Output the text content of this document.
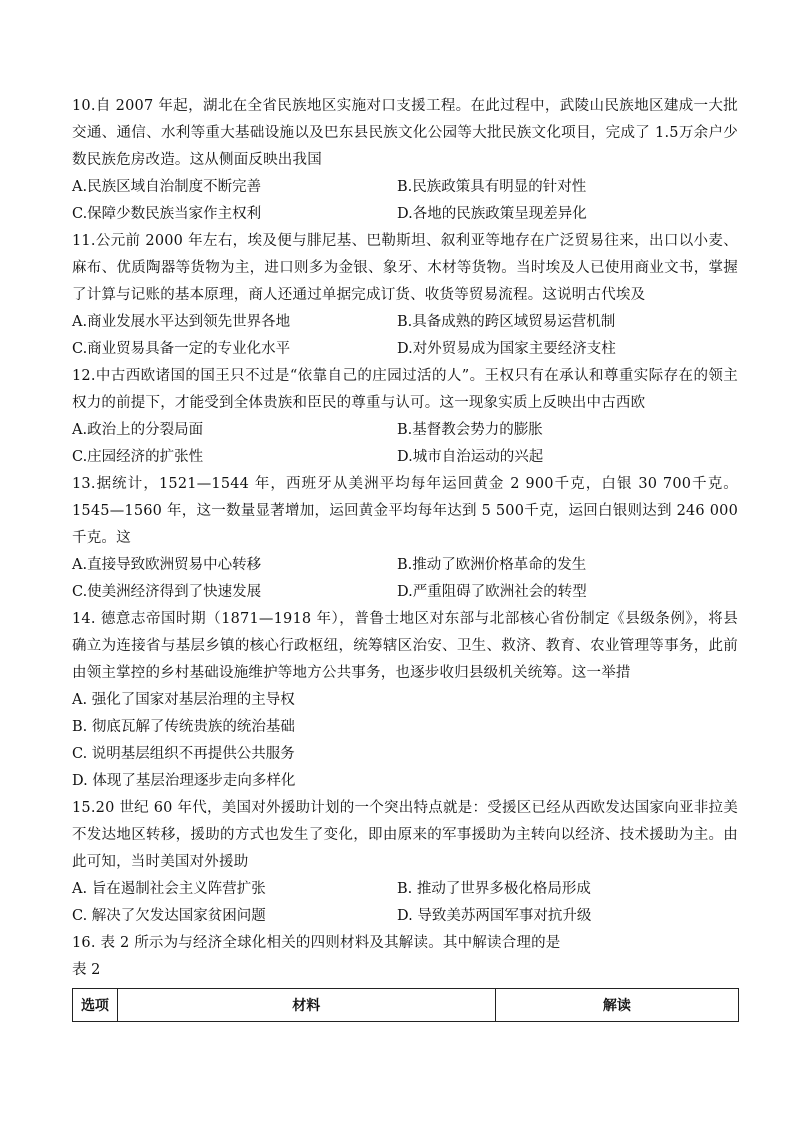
10.自 2007 年起，湖北在全省民族地区实施对口支援工程。在此过程中，武陵山民族地区建成一大批交通、通信、水利等重大基础设施以及巴东县民族文化公园等大批民族文化项目，完成了 1.5万余户少数民族危房改造。这从侧面反映出我国

A.民族区域自治制度不断完善	B.民族政策具有明显的针对性
C.保障少数民族当家作主权利	D.各地的民族政策呈现差异化

11.公元前 2000 年左右，埃及便与腓尼基、巴勒斯坦、叙利亚等地存在广泛贸易往来，出口以小麦、麻布、优质陶器等货物为主，进口则多为金银、象牙、木材等货物。当时埃及人已使用商业文书，掌握了计算与记账的基本原理，商人还通过单据完成订货、收货等贸易流程。这说明古代埃及

A.商业发展水平达到领先世界各地	B.具备成熟的跨区域贸易运营机制
C.商业贸易具备一定的专业化水平	D.对外贸易成为国家主要经济支柱

12.中古西欧诸国的国王只不过是“依靠自己的庄园过活的人”。王权只有在承认和尊重实际存在的领主权力的前提下，才能受到全体贵族和臣民的尊重与认可。这一现象实质上反映出中古西欧

A.政治上的分裂局面	B.基督教会势力的膨胀
C.庄园经济的扩张性	D.城市自治运动的兴起

13.据统计，1521—1544 年，西班牙从美洲平均每年运回黄金 2 900千克，白银 30 700千克。1545—1560 年，这一数量显著增加，运回黄金平均每年达到 5 500千克，运回白银则达到 246 000千克。这

A.直接导致欧洲贸易中心转移	B.推动了欧洲价格革命的发生
C.使美洲经济得到了快速发展	D.严重阻碍了欧洲社会的转型

14. 德意志帝国时期（1871—1918 年），普鲁士地区对东部与北部核心省份制定《县级条例》，将县确立为连接省与基层乡镇的核心行政枢纽，统筹辖区治安、卫生、救济、教育、农业管理等事务，此前由领主掌控的乡村基础设施维护等地方公共事务，也逐步收归县级机关统筹。这一举措

A. 强化了国家对基层治理的主导权
B. 彻底瓦解了传统贵族的统治基础
C. 说明基层组织不再提供公共服务
D. 体现了基层治理逐步走向多样化

15.20 世纪 60 年代，美国对外援助计划的一个突出特点就是：受援区已经从西欧发达国家向亚非拉美不发达地区转移，援助的方式也发生了变化，即由原来的军事援助为主转向以经济、技术援助为主。由此可知，当时美国对外援助

A. 旨在遏制社会主义阵营扩张	B. 推动了世界多极化格局形成
C. 解决了欠发达国家贫困问题	D. 导致美苏两国军事对抗升级

16. 表 2 所示为与经济全球化相关的四则材料及其解读。其中解读合理的是

表 2
选项	材料	解读
